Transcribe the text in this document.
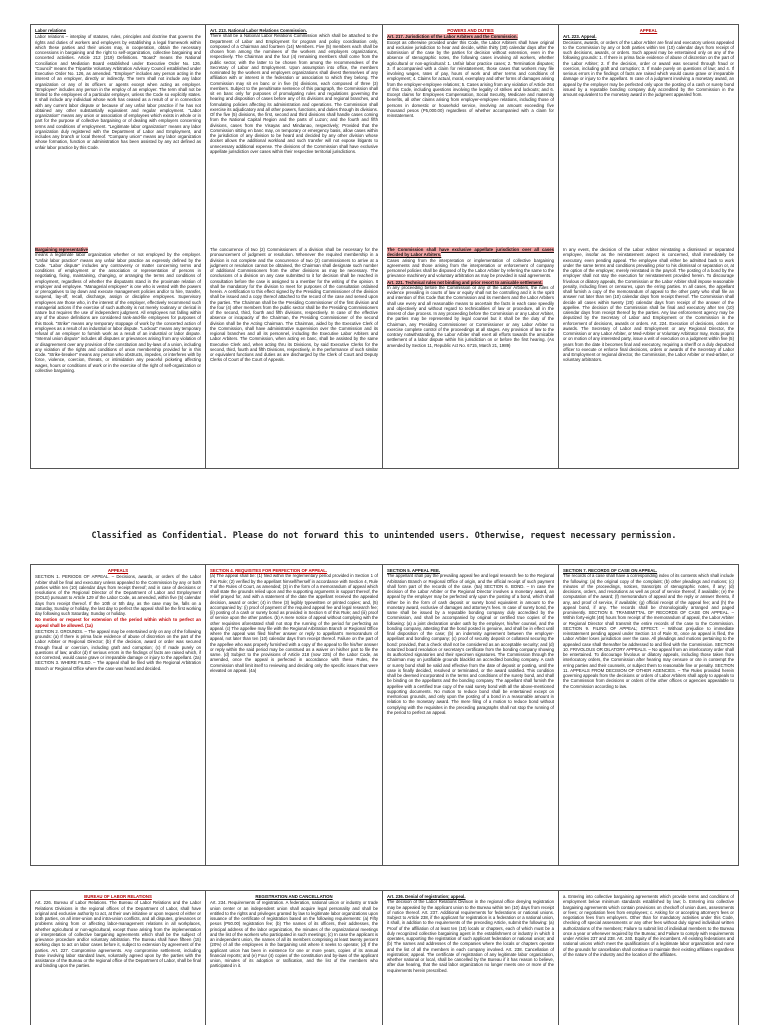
Labor relations

Labor relations – interplay of statutes, rules, principles and doctrine that governs the rights and duties of workers and employers by establishing a legal framework within which these parties and their unions may, in cooperation, obtain the necessary concessions in bargaining and the right to self-organization, collective bargaining and concerted activities. Article 212 (219) Definitions. "Board" means the National Conciliation and Mediation Board established under Executive Order No. 126. "Council" means the Tripartite Voluntary Arbitration Advisory Council established under Executive Order No. 126, as amended. "Employer" includes any person acting in the interest of an employer, directly or indirectly. The term shall not include any labor organization or any of its officers or agents except when acting as employer. "Employee" includes any person in the employ of an employer. The term shall not be limited to the employees of a particular employer, unless the Code so explicitly states. It shall include any individual whose work has ceased as a result of or in connection with any current labor dispute or because of any unfair labor practice if he has not obtained any other substantially equivalent and regular employment. "Labor organization" means any union or association of employees which exists in whole or in part for the purpose of collective bargaining or of dealing with employers concerning terms and conditions of employment. "Legitimate labor organization" means any labor organization duly registered with the Department of Labor and Employment, and includes any branch or local thereof. "Company union" means any labor organization whose formation, function or administration has been assisted by any act defined as unfair labor practice by this Code.

Art. 213. National Labor Relations Commission.

There shall be a National Labor Relations Commission which shall be attached to the Department of Labor and Employment for program and policy coordination only, composed of a Chairman and fourteen (14) Members. Five (5) members each shall be chosen from among the nominees of the workers and employers organizations, respectively. The Chairman and the four (4) remaining members shall come from the public sector, with the latter to be chosen from among the recommendees of the Secretary of Labor and Employment. Upon assumption into office, the members nominated by the workers and employers organizations shall divest themselves of any affiliation with or interest in the federation or association to which they belong. The Commission may sit en banc or in five (5) divisions, each composed of three (3) members. Subject to the penultimate sentence of this paragraph, the Commission shall sit en banc only for purposes of promulgating rules and regulations governing the hearing and disposition of cases before any of its divisions and regional branches, and formulating policies affecting its administration and operations. The Commission shall exercise its adjudicatory and all other powers, functions, and duties through its divisions. Of the five (5) divisions, the first, second and third divisions shall handle cases coming from the National Capital Region and the parts of Luzon; and the fourth and fifth divisions, cases from the Visayas and Mindanao, respectively; Provided that the Commission sitting en banc may, on temporary or emergency basis, allow cases within the jurisdiction of any division to be heard and decided by any other division whose docket allows the additional workload and such transfer will not expose litigants to unnecessary additional expense. The divisions of the Commission shall have exclusive appellate jurisdiction over cases within their respective territorial jurisdictions.

POWERS AND DUTIES
Art. 217. Jurisdiction of the Labor Arbiters and the Commission.

Except as otherwise provided under this Code, the Labor Arbiters shall have original and exclusive jurisdiction to hear and decide, within thirty (30) calendar days after the submission of the case by the parties for decision without extension, even in the absence of stenographic notes, the following cases involving all workers, whether agricultural or non-agricultural: 1. Unfair labor practice cases; 2. Termination disputes; 3. If accompanied with a claim for reinstatement, those cases that workers may file involving wages, rates of pay, hours of work and other terms and conditions of employment; 4. Claims for actual, moral, exemplary and other forms of damages arising from the employer-employee relations; 5. Cases arising from any violation of Article 264 of this Code, including questions involving the legality of strikes and lockouts; and 6. Except claims for Employees Compensation, Social Security, Medicare and maternity benefits, all other claims arising from employer-employee relations, including those of persons in domestic or household service, involving an amount exceeding five thousand pesos (P5,000.00) regardless of whether accompanied with a claim for reinstatement.

APPEAL
Art. 223. Appeal.

Decisions, awards, or orders of the Labor Arbiter are final and executory unless appealed to the Commission by any or both parties within ten (10) calendar days from receipt of such decisions, awards, or orders. Such appeal may be entertained only on any of the following grounds: 1. If there is prima facie evidence of abuse of discretion on the part of the Labor Arbiter; 2. If the decision, order or award was secured through fraud or coercion, including graft and corruption; 3. If made purely on questions of law; and 4. If serious errors in the findings of facts are raised which would cause grave or irreparable damage or injury to the appellant. In case of a judgment involving a monetary award, an appeal by the employer may be perfected only upon the posting of a cash or surety bond issued by a reputable bonding company duly accredited by the Commission in the amount equivalent to the monetary award in the judgment appealed from.

Bargaining representative

means a legitimate labor organization whether or not employed by the employer. "Unfair labor practice" means any unfair labor practice as expressly defined by the Code. "Labor dispute" includes any controversy or matter concerning terms and conditions of employment or the association or representation of persons in negotiating, fixing, maintaining, changing, or arranging the terms and conditions of employment, regardless of whether the disputants stand in the proximate relation of employer and employee. "Managerial employee" is one who is vested with the powers or prerogatives to lay down and execute management policies and/or to hire, transfer, suspend, lay-off, recall, discharge, assign or discipline employees. Supervisory employees are those who, in the interest of the employer, effectively recommend such managerial actions if the exercise of such authority is not merely routinary or clerical in nature but requires the use of independent judgment. All employees not falling within any of the above definitions are considered rank-and-file employees for purposes of this Book. "Strike" means any temporary stoppage of work by the concerted action of employees as a result of an industrial or labor dispute. "Lockout" means any temporary refusal of an employer to furnish work as a result of an industrial or labor dispute. "Internal union dispute" includes all disputes or grievances arising from any violation of or disagreement over any provision of the constitution and by-laws of a union, including any violation of the rights and conditions of union membership provided for in this Code. "Strike-breaker" means any person who obstructs, impedes, or interferes with by force, violence, coercion, threats, or intimidation any peaceful picketing affecting wages, hours or conditions of work or in the exercise of the right of self-organization or collective bargaining.

The concurrence of two (2) Commissioners of a division shall be necessary for the pronouncement of judgment or resolution. Whenever the required membership in a division is not complete and the concurrence of two (2) commissioners to arrive at a judgment or resolution cannot be obtained, the Chairman shall designate such number of additional Commissioners from the other divisions as may be necessary. The conclusions of a division on any case submitted to it for decision shall be reached in consultation before the case is assigned to a member for the writing of the opinion. It shall be mandatory for the division to meet for purposes of the consultation ordained herein. A certification to this effect signed by the Presiding Commissioner of the division shall be issued and a copy thereof attached to the record of the case and served upon the parties. The Chairman shall be the Presiding Commissioner of the first division and the four (4) other members from the public sector shall be the Presiding Commissioners of the second, third, fourth and fifth divisions, respectively. In case of the effective absence or incapacity of the Chairman, the Presiding Commissioner of the second division shall be the Acting Chairman. The Chairman, aided by the Executive Clerk of the Commission, shall have administrative supervision over the Commission and its regional branches and all its personnel, including the Executive Labor Arbiters and Labor Arbiters. The Commission, when acting en banc, shall be assisted by the same Executive Clerk and, when acting thru its Divisions, by said Executive Clerks for the second, third, fourth and fifth Divisions, respectively, in the performance of such similar or equivalent functions and duties as are discharged by the Clerk of Court and Deputy Clerks of Court of the Court of Appeals.

The Commission shall have exclusive appellate jurisdiction over all cases decided by Labor Arbiters.

Cases arising from the interpretation or implementation of collective bargaining agreements and those arising from the interpretation or enforcement of company personnel policies shall be disposed of by the Labor Arbiter by referring the same to the grievance machinery and voluntary arbitration as may be provided in said agreements.

Art. 221. Technical rules not binding and prior resort to amicable settlement.

In any proceeding before the Commission or any of the Labor Arbiters, the rules of evidence prevailing in courts of law or equity shall not be controlling and it is the spirit and intention of this Code that the Commission and its members and the Labor Arbiters shall use every and all reasonable means to ascertain the facts in each case speedily and objectively and without regard to technicalities of law or procedure, all in the interest of due process. In any proceeding before the Commission or any Labor Arbiter, the parties may be represented by legal counsel but it shall be the duty of the Chairman, any Presiding Commissioner or Commissioner or any Labor Arbiter to exercise complete control of the proceedings at all stages. Any provision of law to the contrary notwithstanding, the Labor Arbiter shall exert all efforts towards the amicable settlement of a labor dispute within his jurisdiction on or before the first hearing. (As amended by Section 11, Republic Act No. 6715, March 21, 1989)

In any event, the decision of the Labor Arbiter reinstating a dismissed or separated employee, insofar as the reinstatement aspect is concerned, shall immediately be executory, even pending appeal. The employee shall either be admitted back to work under the same terms and conditions prevailing prior to his dismissal or separation or, at the option of the employer, merely reinstated in the payroll. The posting of a bond by the employer shall not stay the execution for reinstatement provided herein. To discourage frivolous or dilatory appeals, the Commission or the Labor Arbiter shall impose reasonable penalty, including fines or censures, upon the erring parties. In all cases, the appellant shall furnish a copy of the memorandum of appeal to the other party who shall file an answer not later than ten (10) calendar days from receipt thereof. The Commission shall decide all cases within twenty (20) calendar days from receipt of the answer of the appellee. The decision of the Commission shall be final and executory after ten (10) calendar days from receipt thereof by the parties. Any law enforcement agency may be deputized by the Secretary of Labor and Employment or the Commission in the enforcement of decisions, awards or orders. Art. 224. Execution of decisions, orders or awards. The Secretary of Labor and Employment or any Regional Director, the Commission or any Labor Arbiter, or Med-Arbiter or Voluntary Arbitrator may, motu proprio or on motion of any interested party, issue a writ of execution on a judgment within five (5) years from the date it becomes final and executory, requiring a sheriff or a duly deputized officer to execute or enforce final decisions, orders or awards of the Secretary of Labor and Employment or regional director, the Commission, the Labor Arbiter or med-arbiter, or voluntary arbitrators.

Classified as Confidential. Please do not forward this to unintended users. Otherwise, request necessary permission.
APPEALS

SECTION 1. PERIODS OF APPEAL. – Decisions, awards, or orders of the Labor Arbiter shall be final and executory unless appealed to the Commission by any or both parties within ten (10) calendar days from receipt thereof; and in case of decisions or resolutions of the Regional Director of the Department of Labor and Employment (DOLE) pursuant to Article 129 of the Labor Code, as amended, within five (5) calendar days from receipt thereof. If the 10th or 5th day, as the case may be, falls on a Saturday, Sunday or holiday, the last day to perfect the appeal shall be the first working day following such Saturday, Sunday or holiday.

No motion or request for extension of the period within which to perfect an appeal shall be allowed. (1a)

SECTION 2. GROUNDS. – The appeal may be entertained only on any of the following grounds: (a) If there is prima facie evidence of abuse of discretion on the part of the Labor Arbiter or Regional Director; (b) If the decision, award or order was secured through fraud or coercion, including graft and corruption; (c) If made purely on questions of law; and/or (d) If serious errors in the findings of facts are raised which, if not corrected, would cause grave or irreparable damage or injury to the appellant. (2a) SECTION 3. WHERE FILED. – The appeal shall be filed with the Regional Arbitration Branch or Regional Office where the case was heard and decided.

SECTION 4. REQUISITES FOR PERFECTION OF APPEAL.

(a) The appeal shall be: (1) filed within the reglementary period provided in Section 1 of this Rule; (2) verified by the appellant himself/herself in accordance with Section 4, Rule 7 of the Rules of Court, as amended; (3) in the form of a memorandum of appeal which shall state the grounds relied upon and the supporting arguments in support thereof, the relief prayed for, and with a statement of the date the appellant received the appealed decision, award or order; (4) in three (3) legibly typewritten or printed copies; and, (5) accompanied by: (i) proof of payment of the required appeal fee and legal research fee; (ii) posting of a cash or surety bond as provided in Section 6 of this Rule; and (iii) proof of service upon the other parties. (b) A mere notice of appeal without complying with the other requisites aforestated shall not stop the running of the period for perfecting an appeal. (c) The appellee may file with the Regional Arbitration Branch or Regional Office where the appeal was filed his/her answer or reply to appellant's memorandum of appeal, not later than ten (10) calendar days from receipt thereof. Failure on the part of the appellee who was properly furnished with a copy of the appeal to file his/her answer or reply within the said period may be construed as a waiver on his/her part to file the same. (d) Subject to the provisions of Article 218 (now 225) of the Labor Code, as amended, once the appeal is perfected in accordance with these Rules, the Commission shall limit itself to reviewing and deciding only the specific issues that were elevated on appeal. (4a)

SECTION 5. APPEAL FEE.

The appellant shall pay the prevailing appeal fee and legal research fee to the Regional Arbitration Branch or Regional Office of origin, and the official receipt of such payment shall form part of the records of the case. (5a) SECTION 6. BOND. – In case the decision of the Labor Arbiter or the Regional Director involves a monetary award, an appeal by the employer may be perfected only upon the posting of a bond, which shall either be in the form of cash deposit or surety bond equivalent in amount to the monetary award, exclusive of damages and attorney's fees. In case of surety bond, the same shall be issued by a reputable bonding company duly accredited by the Commission, and shall be accompanied by original or certified true copies of the following: (a) a joint declaration under oath by the employer, his/her counsel, and the bonding company, attesting that the bond posted is genuine, and shall be in effect until final disposition of the case; (b) an indemnity agreement between the employer-appellant and bonding company; (c) proof of security deposit or collateral securing the bond: provided, that a check shall not be considered as an acceptable security; and (d) notarized board resolution or secretary's certificate from the bonding company showing its authorized signatories and their specimen signatures. The Commission through the Chairman may on justifiable grounds blacklist an accredited bonding company. A cash or surety bond shall be valid and effective from the date of deposit or posting, until the case is finally decided, resolved or terminated, or the award satisfied. This condition shall be deemed incorporated in the terms and conditions of the surety bond, and shall be binding on the appellants and the bonding company. The appellant shall furnish the appellee with a certified true copy of the said surety bond with all the above-mentioned supporting documents. No motion to reduce bond shall be entertained except on meritorious grounds, and only upon the posting of a bond in a reasonable amount in relation to the monetary award. The mere filing of a motion to reduce bond without complying with the requisites in the preceding paragraphs shall not stop the running of the period to perfect an appeal.

SECTION 7. RECORDS OF CASE ON APPEAL.

The records of a case shall have a corresponding index of its contents which shall include the following: (a) the original copy of the complaint; (b) other pleadings and motions; (c) minutes of the proceedings, notices, transcripts of stenographic notes, if any; (d) decisions, orders, and resolutions as well as proof of service thereof, if available; (e) the computation of the award; (f) memorandum of appeal and the reply or answer thereto, if any, and proof of service, if available; (g) official receipt of the appeal fee; and (h) the appeal bond, if any. The records shall be chronologically arranged and paged prominently. SECTION 8. TRANSMITTAL OF RECORDS OF CASE ON APPEAL. – Within forty-eight (48) hours from receipt of the memorandum of appeal, the Labor Arbiter or Regional Director shall transmit the entire records of the case to the Commission. SECTION 9. FILING OF APPEAL; EFFECT. – Without prejudice to immediate reinstatement pending appeal under Section 14 of Rule XI, once an appeal is filed, the Labor Arbiter loses jurisdiction over the case. All pleadings and motions pertaining to the appealed case shall thereafter be addressed to and filed with the Commission. SECTION 10. FRIVOLOUS OR DILATORY APPEALS. – No appeal from an interlocutory order shall be entertained. To discourage frivolous or dilatory appeals, including those taken from interlocutory orders, the Commission after hearing may censure or cite in contempt the erring parties and their counsels, or subject them to reasonable fine or penalty. SECTION 11. APPEALS FROM DECISION OF OTHER AGENCIES. – The Rules provided herein governing appeals from the decisions or orders of Labor Arbiters shall apply to appeals to the Commission from decisions or orders of the other offices or agencies appealable to the Commission according to law.

BUREAU OF LABOR RELATIONS

Art. 226. Bureau of Labor Relations. The Bureau of Labor Relations and the Labor Relations Divisions in the regional offices of the Department of Labor, shall have original and exclusive authority to act, at their own initiative or upon request of either or both parties, on all inter-union and intra-union conflicts, and all disputes, grievances or problems arising from or affecting labor-management relations in all workplaces, whether agricultural or non-agricultural, except those arising from the implementation or interpretation of collective bargaining agreements which shall be the subject of grievance procedure and/or voluntary arbitration. The Bureau shall have fifteen (15) working days to act on labor cases before it, subject to extension by agreement of the parties. Art. 227. Compromise agreements. Any compromise settlement, including those involving labor standard laws, voluntarily agreed upon by the parties with the assistance of the Bureau or the regional office of the Department of Labor, shall be final and binding upon the parties.

REGISTRATION AND CANCELLATION

Art. 234. Requirements of registration. A federation, national union or industry or trade union center or an independent union shall acquire legal personality and shall be entitled to the rights and privileges granted by law to legitimate labor organizations upon issuance of the certificate of registration based on the following requirements: (a) Fifty pesos (P50.00) registration fee; (b) The names of its officers, their addresses, the principal address of the labor organization, the minutes of the organizational meetings and the list of the workers who participated in such meetings; (c) In case the applicant is an independent union, the names of all its members comprising at least twenty percent (20%) of all the employees in the bargaining unit where it seeks to operate; (d) If the applicant union has been in existence for one or more years, copies of its annual financial reports; and (e) Four (4) copies of the constitution and by-laws of the applicant union, minutes of its adoption or ratification, and the list of the members who participated in it.

Art. 236. Denial of registration; appeal.

The decision of the Labor Relations Division in the regional office denying registration may be appealed by the applicant union to the Bureau within ten (10) days from receipt of notice thereof. Art. 237. Additional requirements for federations or national unions. Subject to Article 238, if the applicant for registration is a federation or a national union, it shall, in addition to the requirements of the preceding Article, submit the following: (a) Proof of the affiliation of at least ten (10) locals or chapters, each of which must be a duly recognized collective bargaining agent in the establishment or industry in which it operates, supporting the registration of such applicant federation or national union; and (b) The names and addresses of the companies where the locals or chapters operate and the list of all the members in each company involved. Art. 238. Cancellation of registration; appeal. The certificate of registration of any legitimate labor organization, whether national or local, shall be cancelled by the Bureau if it has reason to believe, after due hearing, that the said labor organization no longer meets one or more of the requirements herein prescribed.

a. Entering into collective bargaining agreements which provide terms and conditions of employment below minimum standards established by law; b. Entering into collective bargaining agreements which contain provisions on checkoff of union dues, assessments or fees; or negotiation fees from employees; c. Asking for or accepting attorney's fees or negotiation fees from employers. Other than for mandatory activities under this Code, checking off special assessments or any other fees without duly signed individual written authorizations of the members; Failure to submit list of individual members to the Bureau once a year or whenever required by the Bureau; and Failure to comply with requirements under Articles 237 and 238. Art. 240. Equity of the incumbent. All existing federations and national unions which meet the qualifications of a legitimate labor organization and none of the grounds for cancellation shall continue to maintain their existing affiliates regardless of the nature of the industry and the location of the affiliates.
